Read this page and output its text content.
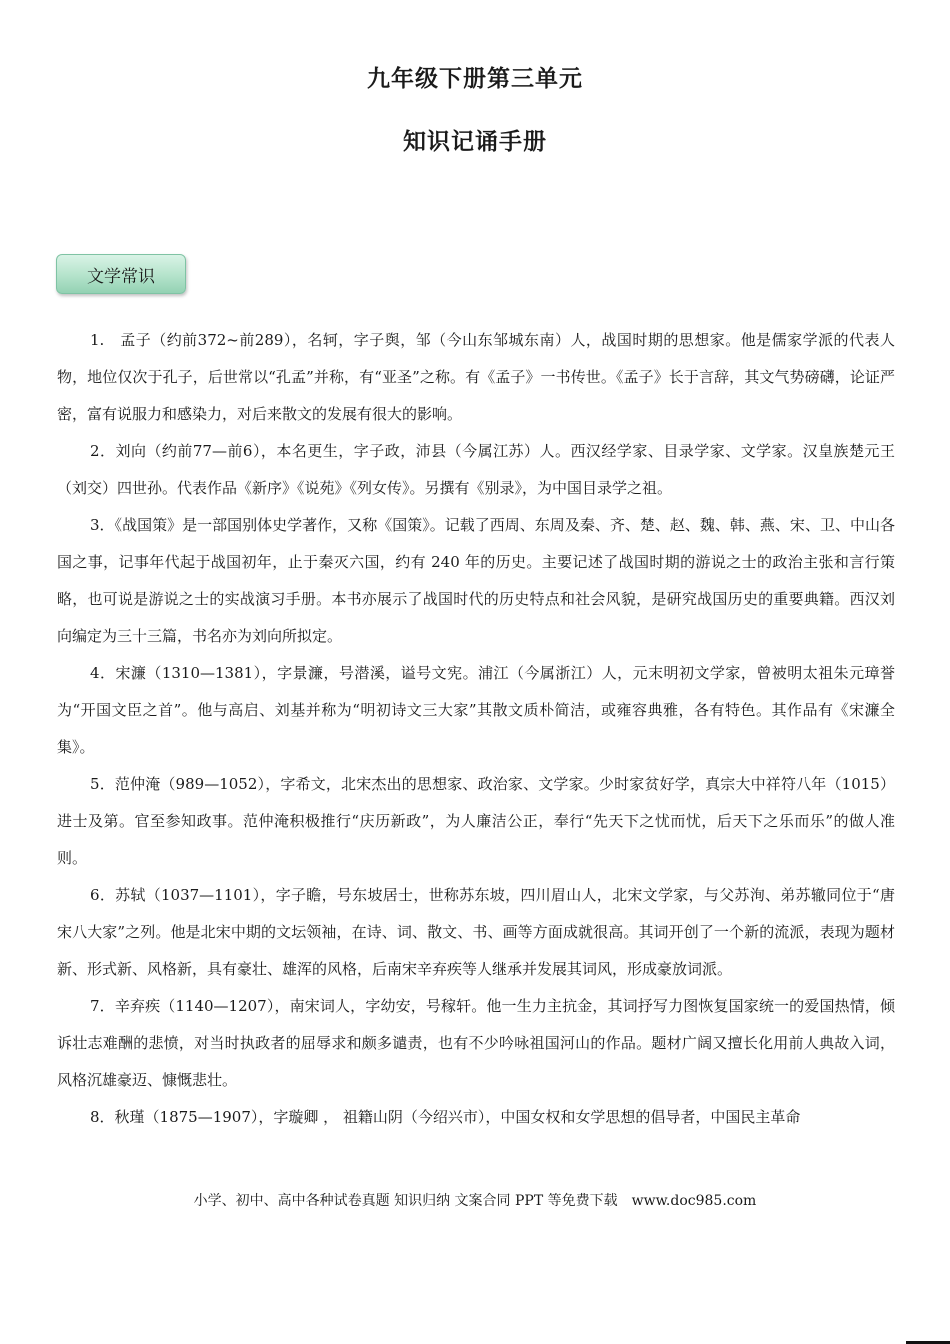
九年级下册第三单元
知识记诵手册
文学常识

1.　孟子（约前372~前289），名轲，字子舆，邹（今山东邹城东南）人，战国时期的思想家。他是儒家学派的代表人物，地位仅次于孔子，后世常以“孔孟”并称，有“亚圣”之称。有《孟子》一书传世。《孟子》长于言辞，其文气势磅礴，论证严密，富有说服力和感染力，对后来散文的发展有很大的影响。

2．刘向（约前77—前6），本名更生，字子政，沛县（今属江苏）人。西汉经学家、目录学家、文学家。汉皇族楚元王（刘交）四世孙。代表作品《新序》《说苑》《列女传》。另撰有《别录》，为中国目录学之祖。

3．《战国策》是一部国别体史学著作，又称《国策》。记载了西周、东周及秦、齐、楚、赵、魏、韩、燕、宋、卫、中山各国之事，记事年代起于战国初年，止于秦灭六国，约有 240 年的历史。主要记述了战国时期的游说之士的政治主张和言行策略，也可说是游说之士的实战演习手册。本书亦展示了战国时代的历史特点和社会风貌，是研究战国历史的重要典籍。西汉刘向编定为三十三篇，书名亦为刘向所拟定。

4．宋濂（1310—1381），字景濂，号潜溪，谥号文宪。浦江（今属浙江）人，元末明初文学家，曾被明太祖朱元璋誉为“开国文臣之首”。他与高启、刘基并称为“明初诗文三大家”其散文质朴简洁，或雍容典雅，各有特色。其作品有《宋濂全集》。

5．范仲淹（989—1052），字希文，北宋杰出的思想家、政治家、文学家。少时家贫好学，真宗大中祥符八年（1015）进士及第。官至参知政事。范仲淹积极推行“庆历新政”，为人廉洁公正，奉行“先天下之忧而忧，后天下之乐而乐”的做人准则。

6．苏轼（1037—1101），字子瞻，号东坡居士，世称苏东坡，四川眉山人，北宋文学家，与父苏洵、弟苏辙同位于“唐宋八大家”之列。他是北宋中期的文坛领袖，在诗、词、散文、书、画等方面成就很高。其词开创了一个新的流派，表现为题材新、形式新、风格新，具有豪壮、雄浑的风格，后南宋辛弃疾等人继承并发展其词风，形成豪放词派。

7．辛弃疾（1140—1207），南宋词人，字幼安，号稼轩。他一生力主抗金，其词抒写力图恢复国家统一的爱国热情，倾诉壮志难酬的悲愤，对当时执政者的屈辱求和颇多谴责，也有不少吟咏祖国河山的作品。题材广阔又擅长化用前人典故入词，风格沉雄豪迈、慷慨悲壮。

8．秋瑾（1875—1907），字璇卿 ， 祖籍山阴（今绍兴市），中国女权和女学思想的倡导者，中国民主革命

小学、初中、高中各种试卷真题 知识归纳 文案合同 PPT 等免费下载　www.doc985.com
